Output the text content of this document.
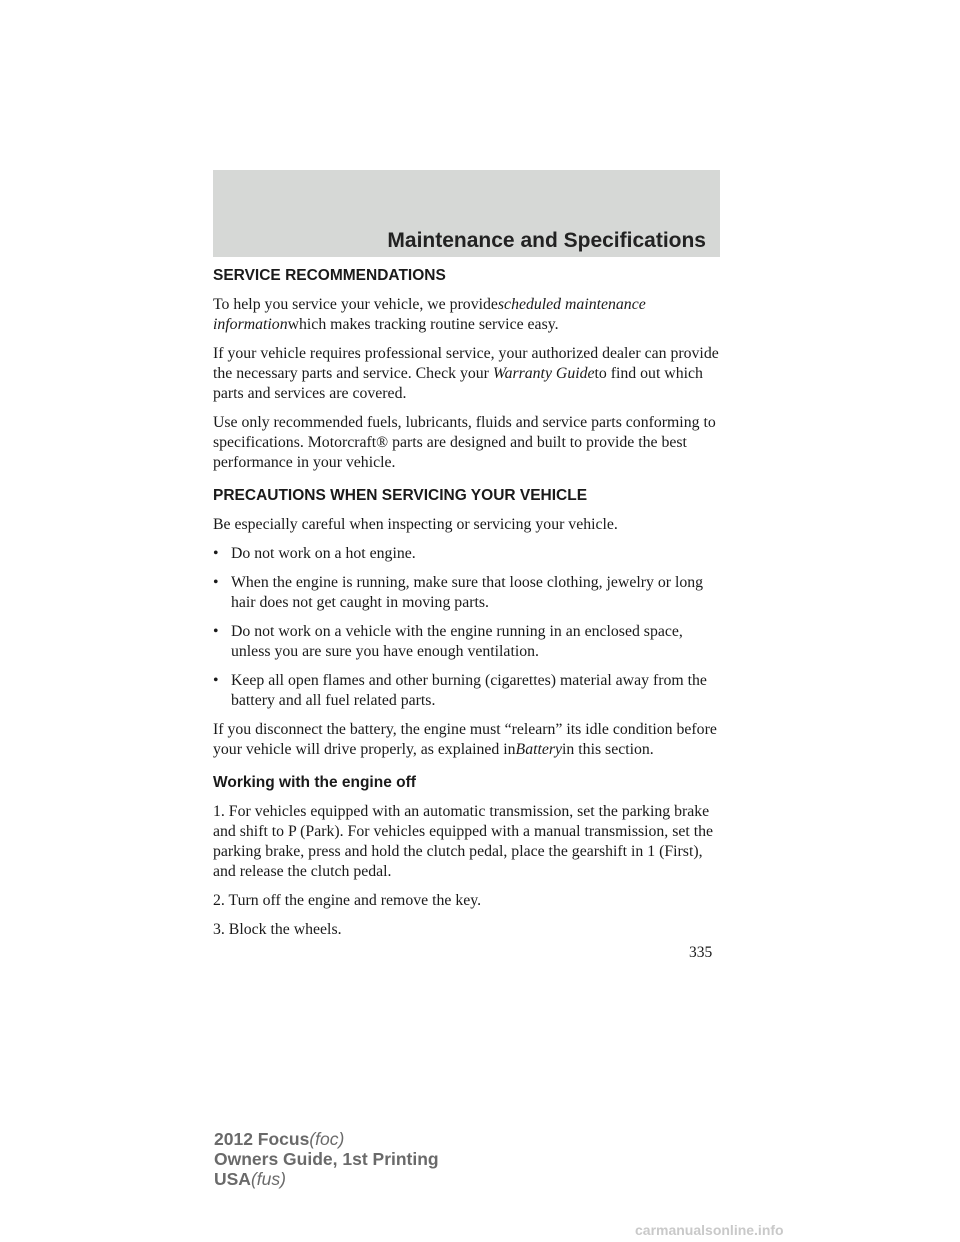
Maintenance and Specifications
SERVICE RECOMMENDATIONS

To help you service your vehicle, we providescheduled maintenance informationwhich makes tracking routine service easy.

If your vehicle requires professional service, your authorized dealer can provide the necessary parts and service. Check your Warranty Guideto find out which parts and services are covered.

Use only recommended fuels, lubricants, fluids and service parts conforming to specifications. Motorcraft® parts are designed and built to provide the best performance in your vehicle.

PRECAUTIONS WHEN SERVICING YOUR VEHICLE

Be especially careful when inspecting or servicing your vehicle.

• Do not work on a hot engine.
• When the engine is running, make sure that loose clothing, jewelry or long hair does not get caught in moving parts.
• Do not work on a vehicle with the engine running in an enclosed space, unless you are sure you have enough ventilation.
• Keep all open flames and other burning (cigarettes) material away from the battery and all fuel related parts.

If you disconnect the battery, the engine must “relearn” its idle condition before your vehicle will drive properly, as explained inBatteryin this section.

Working with the engine off

1. For vehicles equipped with an automatic transmission, set the parking brake and shift to P (Park). For vehicles equipped with a manual transmission, set the parking brake, press and hold the clutch pedal, place the gearshift in 1 (First), and release the clutch pedal.

2. Turn off the engine and remove the key.

3. Block the wheels.

335
2012 Focus(foc)
Owners Guide, 1st Printing
USA(fus)
carmanualsonline.info
